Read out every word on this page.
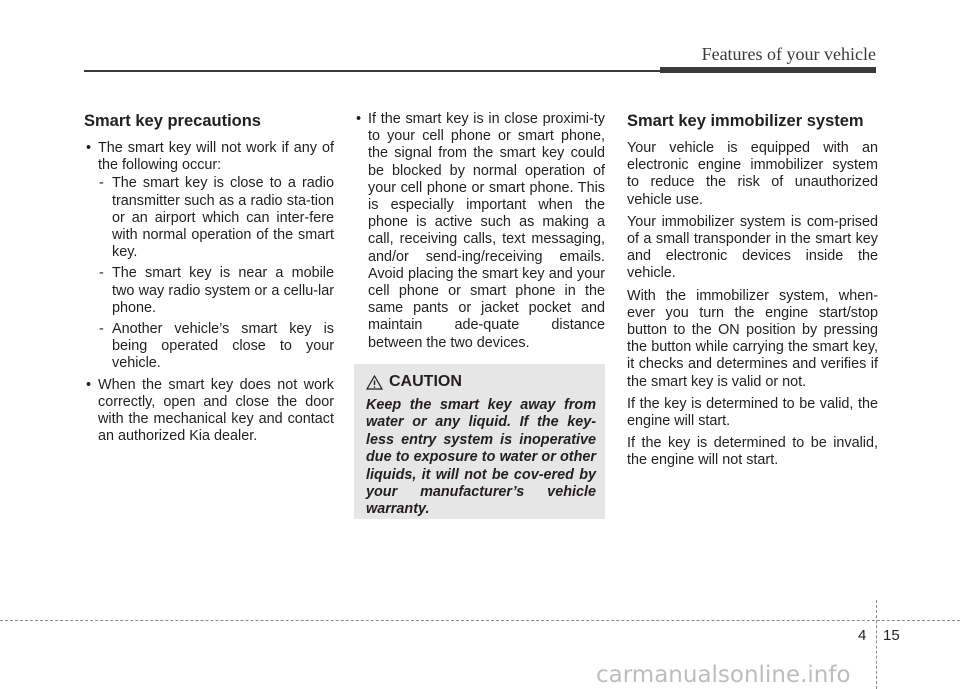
Features of your vehicle
Smart key precautions
• The smart key will not work if any of the following occur:
- The smart key is close to a radio transmitter such as a radio sta-tion or an airport which can inter-fere with normal operation of the smart key.
- The smart key is near a mobile two way radio system or a cellu-lar phone.
- Another vehicle’s smart key is being operated close to your vehicle.
• When the smart key does not work correctly, open and close the door with the mechanical key and contact an authorized Kia dealer.
• If the smart key is in close proximi-ty to your cell phone or smart phone, the signal from the smart key could be blocked by normal operation of your cell phone or smart phone. This is especially important when the phone is active such as making a call, receiving calls, text messaging, and/or send-ing/receiving emails. Avoid placing the smart key and your cell phone or smart phone in the same pants or jacket pocket and maintain ade-quate distance between the two devices.
CAUTION
Keep the smart key away from water or any liquid. If the key-less entry system is inoperative due to exposure to water or other liquids, it will not be cov-ered by your manufacturer’s vehicle warranty.
Smart key immobilizer system

Your vehicle is equipped with an electronic engine immobilizer system to reduce the risk of unauthorized vehicle use.

Your immobilizer system is com-prised of a small transponder in the smart key and electronic devices inside the vehicle.

With the immobilizer system, when-ever you turn the engine start/stop button to the ON position by pressing the button while carrying the smart key, it checks and determines and verifies if the smart key is valid or not.

If the key is determined to be valid, the engine will start.

If the key is determined to be invalid, the engine will not start.

4 15
carmanualsonline.info
